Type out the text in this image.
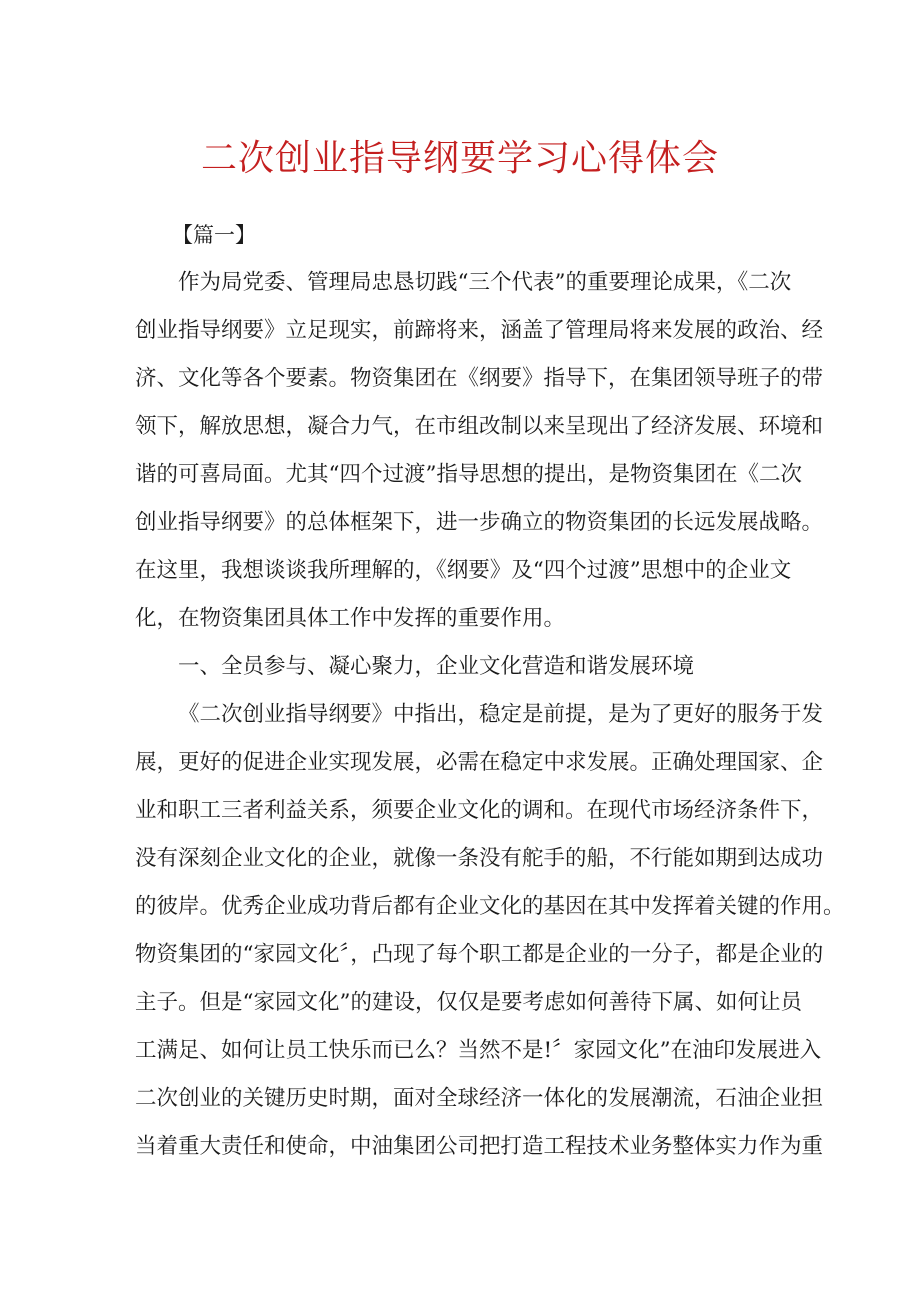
二次创业指导纲要学习心得体会
【篇一】
作为局党委、管理局忠恳切践“三个代表”的重要理论成果，《二次
创业指导纲要》立足现实，前蹄将来，涵盖了管理局将来发展的政治、经
济、文化等各个要素。物资集团在《纲要》指导下，在集团领导班子的带
领下，解放思想，凝合力气，在市组改制以来呈现出了经济发展、环境和
谐的可喜局面。尤其“四个过渡”指导思想的提出，是物资集团在《二次
创业指导纲要》的总体框架下，进一步确立的物资集团的长远发展战略。
在这里，我想谈谈我所理解的，《纲要》及“四个过渡”思想中的企业文
化，在物资集团具体工作中发挥的重要作用。
一、全员参与、凝心聚力，企业文化营造和谐发展环境
《二次创业指导纲要》中指出，稳定是前提，是为了更好的服务于发
展，更好的促进企业实现发展，必需在稳定中求发展。正确处理国家、企
业和职工三者利益关系，须要企业文化的调和。在现代市场经济条件下，
没有深刻企业文化的企业，就像一条没有舵手的船，不行能如期到达成功
的彼岸。优秀企业成功背后都有企业文化的基因在其中发挥着关键的作用。
物资集团的“家园文化〞，凸现了每个职工都是企业的一分子，都是企业的
主子。但是“家园文化”的建设，仅仅是要考虑如何善待下属、如何让员
工满足、如何让员工快乐而已么？当然不是!〞家园文化”在油印发展进入
二次创业的关键历史时期，面对全球经济一体化的发展潮流，石油企业担
当着重大责任和使命，中油集团公司把打造工程技术业务整体实力作为重
